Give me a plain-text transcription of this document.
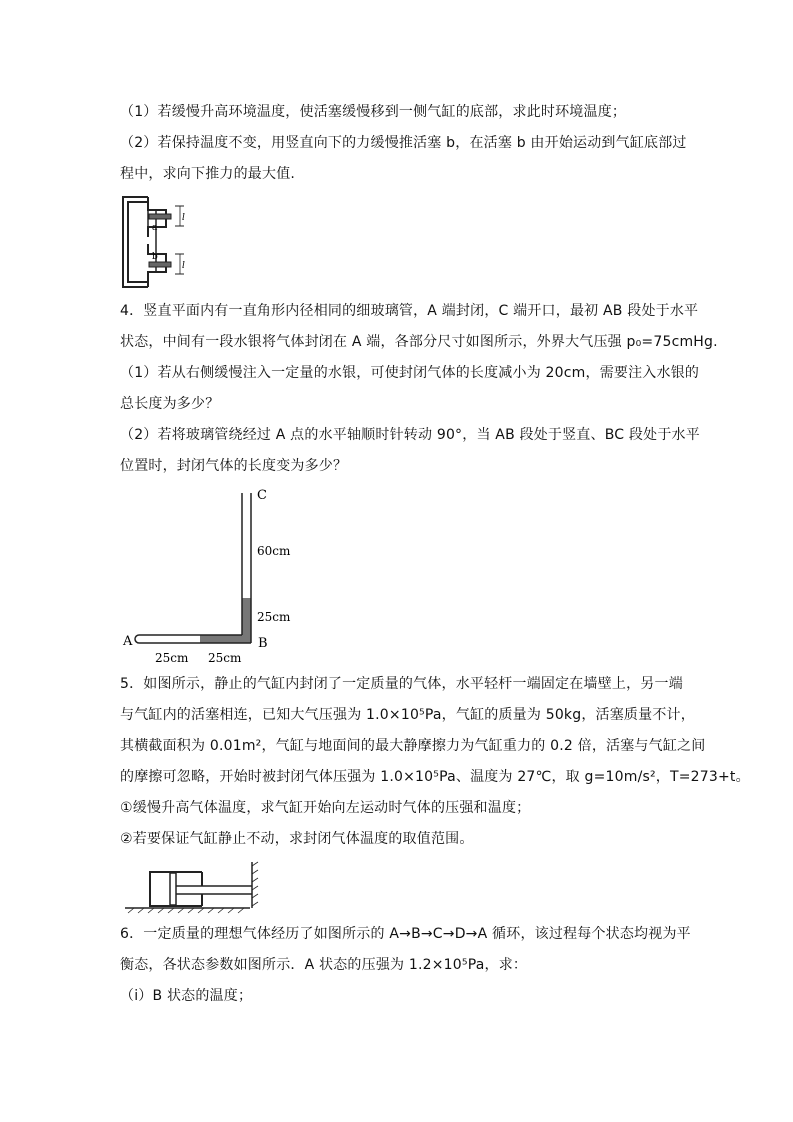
（1）若缓慢升高环境温度，使活塞缓慢移到一侧气缸的底部，求此时环境温度；
（2）若保持温度不变，用竖直向下的力缓慢推活塞 b，在活塞 b 由开始运动到气缸底部过
程中，求向下推力的最大值.
a
b
l
l
4．竖直平面内有一直角形内径相同的细玻璃管，A 端封闭，C 端开口，最初 AB 段处于水平
状态，中间有一段水银将气体封闭在 A 端，各部分尺寸如图所示，外界大气压强 p₀=75cmHg.
（1）若从右侧缓慢注入一定量的水银，可使封闭气体的长度减小为 20cm，需要注入水银的
总长度为多少？
（2）若将玻璃管绕经过 A 点的水平轴顺时针转动 90°，当 AB 段处于竖直、BC 段处于水平
位置时，封闭气体的长度变为多少？
C
60cm
25cm
A	B
25cm 25cm
5．如图所示，静止的气缸内封闭了一定质量的气体，水平轻杆一端固定在墙壁上，另一端
与气缸内的活塞相连，已知大气压强为 1.0×10⁵Pa，气缸的质量为 50kg，活塞质量不计，
其横截面积为 0.01m²，气缸与地面间的最大静摩擦力为气缸重力的 0.2 倍，活塞与气缸之间
的摩擦可忽略，开始时被封闭气体压强为 1.0×10⁵Pa、温度为 27℃，取 g=10m/s²，T=273+t。
①缓慢升高气体温度，求气缸开始向左运动时气体的压强和温度；
②若要保证气缸静止不动，求封闭气体温度的取值范围。
6．一定质量的理想气体经历了如图所示的 A→B→C→D→A 循环，该过程每个状态均视为平
衡态，各状态参数如图所示．A 状态的压强为 1.2×10⁵Pa，求：
（i）B 状态的温度；
